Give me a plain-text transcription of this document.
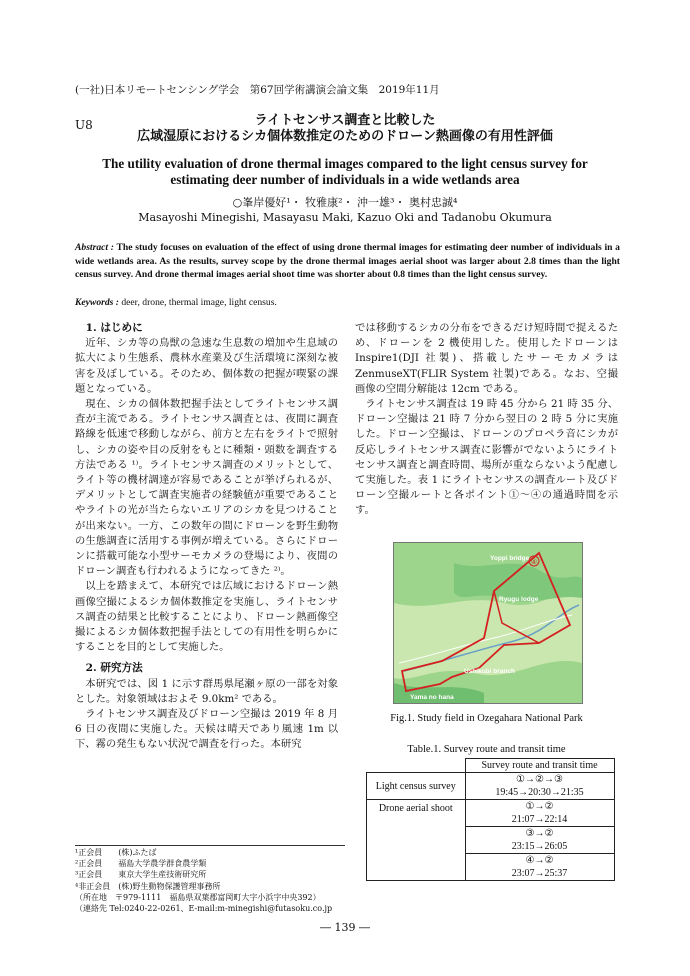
(一社)日本リモートセンシング学会　第67回学術講演会論文集　2019年11月
U8	ライトセンサス調査と比較した
広域湿原におけるシカ個体数推定のためのドローン熱画像の有用性評価
The utility evaluation of drone thermal images compared to the light census survey for
estimating deer number of individuals in a wide wetlands area
○峯岸優好¹・ 牧雅康²・ 沖一雄³・ 奥村忠誠⁴
Masayoshi Minegishi, Masayasu Maki, Kazuo Oki and Tadanobu Okumura
Abstract : The study focuses on evaluation of the effect of using drone thermal images for estimating deer number of individuals in a wide wetlands area. As the results, survey scope by the drone thermal images aerial shoot was larger about 2.8 times than the light census survey. And drone thermal images aerial shoot time was shorter about 0.8 times than the light census survey.
Keywords : deer, drone, thermal image, light census.

1. はじめに

近年、シカ等の鳥獣の急速な生息数の増加や生息域の拡大により生態系、農林水産業及び生活環境に深刻な被害を及ぼしている。そのため、個体数の把握が喫緊の課題となっている。

現在、シカの個体数把握手法としてライトセンサス調査が主流である。ライトセンサス調査とは、夜間に調査路線を低速で移動しながら、前方と左右をライトで照射し、シカの姿や目の反射をもとに種類・頭数を調査する方法である ¹⁾。ライトセンサス調査のメリットとして、ライト等の機材調達が容易であることが挙げられるが、デメリットとして調査実施者の経験値が重要であることやライトの光が当たらないエリアのシカを見つけることが出来ない。一方、この数年の間にドローンを野生動物の生態調査に活用する事例が増えている。さらにドローンに搭載可能な小型サーモカメラの登場により、夜間のドローン調査も行われるようになってきた ²⁾。

以上を踏まえて、本研究では広域におけるドローン熱画像空撮によるシカ個体数推定を実施し、ライトセンサス調査の結果と比較することにより、ドローン熱画像空撮によるシカ個体数把握手法としての有用性を明らかにすることを目的として実施した。

2. 研究方法

本研究では、図 1 に示す群馬県尾瀬ヶ原の一部を対象とした。対象領域はおよそ 9.0km² である。

ライトセンサス調査及びドローン空撮は 2019 年 8 月 6 日の夜間に実施した。天候は晴天であり風速 1m 以下、霧の発生もない状況で調査を行った。本研究

では移動するシカの分布をできるだけ短時間で捉えるため、ドローンを 2 機使用した。使用したドローンは Inspire1(DJI 社製)、搭載したサーモカメラは ZenmuseXT(FLIR System 社製)である。なお、空撮画像の空間分解能は 12cm である。

ライトセンサス調査は 19 時 45 分から 21 時 35 分、ドローン空撮は 21 時 7 分から翌日の 2 時 5 分に実施した。ドローン空撮は、ドローンのプロペラ音にシカが反応しライトセンサス調査に影響がでないようにライトセンサス調査と調査時間、場所が重ならないよう配慮して実施した。表 1 にライトセンサスの調査ルート及びドローン空撮ルートと各ポイント①～④の通過時間を示す。

④
Yoppi bridge
Ryugu lodge
Ushikubi branch
Yama no hana
Fig.1. Study field in Ozegahara National Park
Table.1. Survey route and transit time
	Survey route and transit time
Light census survey	①→②→③
	19:45→20:30→21:35
Drone aerial shoot	①→②
	21:07→22:14
	③→②
	23:15→26:05
	④→②
	23:07→25:37
¹正会員　　(株)ふたば
²正会員　　福島大学農学群食農学類
³正会員　　東京大学生産技術研究所
⁴非正会員　(株)野生動物保護管理事務所
（所在地　〒979-1111　福島県双葉郡富岡町大字小浜字中央392）
（連絡先 Tel:0240-22-0261、E-mail:m-minegishi@futasoku.co.jp
― 139 ―
